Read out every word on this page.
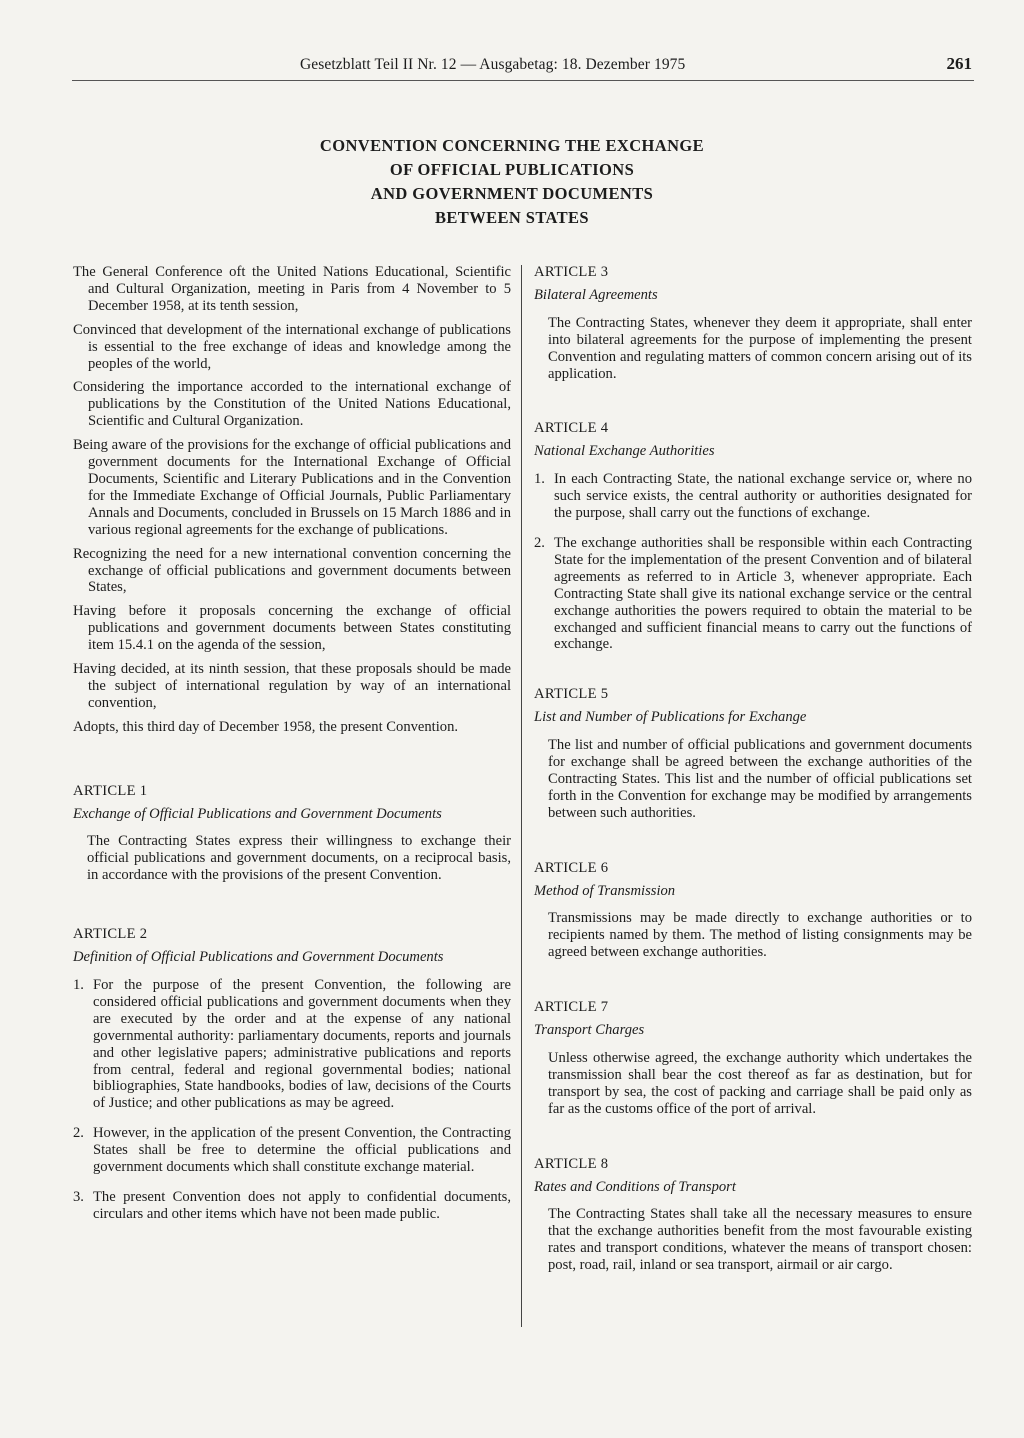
Gesetzblatt Teil II Nr. 12 — Ausgabetag: 18. Dezember 1975	261
CONVENTION CONCERNING THE EXCHANGE
OF OFFICIAL PUBLICATIONS
AND GOVERNMENT DOCUMENTS
BETWEEN STATES

The General Conference oft the United Nations Educational, Scientific and Cultural Organization, meeting in Paris from 4 November to 5 December 1958, at its tenth session,

Convinced that development of the international exchange of publications is essential to the free exchange of ideas and knowledge among the peoples of the world,

Considering the importance accorded to the international exchange of publications by the Constitution of the United Nations Educational, Scientific and Cultural Organization.

Being aware of the provisions for the exchange of official publications and government documents for the International Exchange of Official Documents, Scientific and Literary Publications and in the Convention for the Immediate Exchange of Official Journals, Public Parliamentary Annals and Documents, concluded in Brussels on 15 March 1886 and in various regional agreements for the exchange of publications.

Recognizing the need for a new international convention concerning the exchange of official publications and government documents between States,

Having before it proposals concerning the exchange of official publications and government documents between States constituting item 15.4.1 on the agenda of the session,

Having decided, at its ninth session, that these proposals should be made the subject of international regulation by way of an international convention,

Adopts, this third day of December 1958, the present Convention.

ARTICLE 1

Exchange of Official Publications and Government Documents

The Contracting States express their willingness to exchange their official publications and government documents, on a reciprocal basis, in accordance with the provisions of the present Convention.

ARTICLE 2

Definition of Official Publications and Government Documents

1. For the purpose of the present Convention, the following are considered official publications and government documents when they are executed by the order and at the expense of any national governmental authority: parliamentary documents, reports and journals and other legislative papers; administrative publications and reports from central, federal and regional governmental bodies; national bibliographies, State handbooks, bodies of law, decisions of the Courts of Justice; and other publications as may be agreed.
2. However, in the application of the present Convention, the Contracting States shall be free to determine the official publications and government documents which shall constitute exchange material.
3. The present Convention does not apply to confidential documents, circulars and other items which have not been made public.

ARTICLE 3

Bilateral Agreements

The Contracting States, whenever they deem it appropriate, shall enter into bilateral agreements for the purpose of implementing the present Convention and regulating matters of common concern arising out of its application.

ARTICLE 4

National Exchange Authorities

1. In each Contracting State, the national exchange service or, where no such service exists, the central authority or authorities designated for the purpose, shall carry out the functions of exchange.
2. The exchange authorities shall be responsible within each Contracting State for the implementation of the present Convention and of bilateral agreements as referred to in Article 3, whenever appropriate. Each Contracting State shall give its national exchange service or the central exchange authorities the powers required to obtain the material to be exchanged and sufficient financial means to carry out the functions of exchange.

ARTICLE 5

List and Number of Publications for Exchange

The list and number of official publications and government documents for exchange shall be agreed between the exchange authorities of the Contracting States. This list and the number of official publications set forth in the Convention for exchange may be modified by arrangements between such authorities.

ARTICLE 6

Method of Transmission

Transmissions may be made directly to exchange authorities or to recipients named by them. The method of listing consignments may be agreed between exchange authorities.

ARTICLE 7

Transport Charges

Unless otherwise agreed, the exchange authority which undertakes the transmission shall bear the cost thereof as far as destination, but for transport by sea, the cost of packing and carriage shall be paid only as far as the customs office of the port of arrival.

ARTICLE 8

Rates and Conditions of Transport

The Contracting States shall take all the necessary measures to ensure that the exchange authorities benefit from the most favourable existing rates and transport conditions, whatever the means of transport chosen: post, road, rail, inland or sea transport, airmail or air cargo.
